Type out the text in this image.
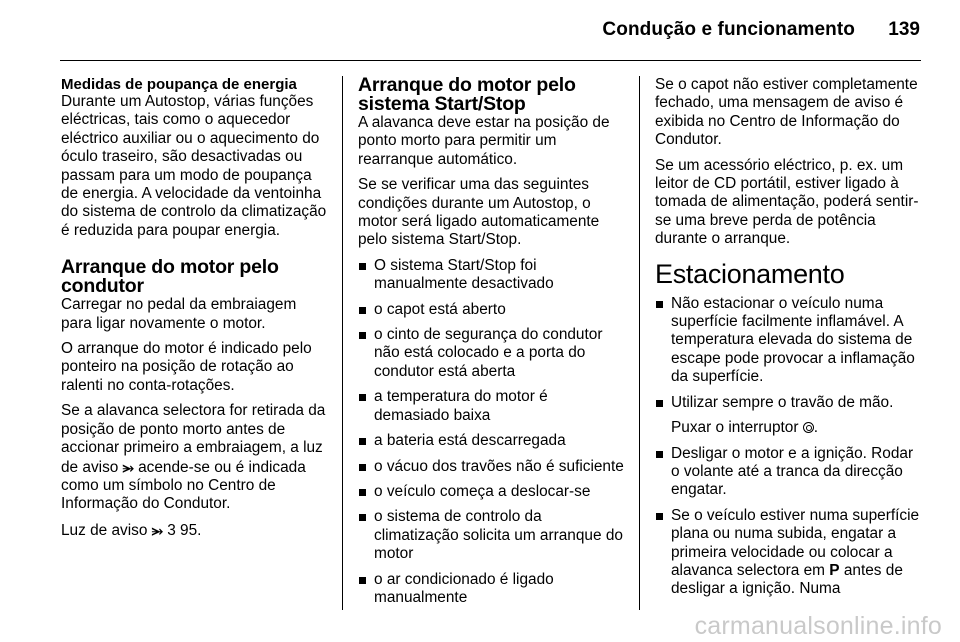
Condução e funcionamento 139
Medidas de poupança de energia

Durante um Autostop, várias funções eléctricas, tais como o aquecedor eléctrico auxiliar ou o aquecimento do óculo traseiro, são desactivadas ou passam para um modo de poupança de energia. A velocidade da ventoinha do sistema de controlo da climatização é reduzida para poupar energia.

Arranque do motor pelo condutor

Carregar no pedal da embraiagem para ligar novamente o motor.

O arranque do motor é indicado pelo ponteiro na posição de rotação ao ralenti no conta-rotações.

Se a alavanca selectora for retirada da posição de ponto morto antes de accionar primeiro a embraiagem, a luz de aviso ⭃ acende-se ou é indicada como um símbolo no Centro de Informação do Condutor.

Luz de aviso ⭃ 3 95.

Arranque do motor pelo sistema Start/Stop

A alavanca deve estar na posição de ponto morto para permitir um rearranque automático.

Se se verificar uma das seguintes condições durante um Autostop, o motor será ligado automaticamente pelo sistema Start/Stop.

O sistema Start/Stop foi manualmente desactivado
o capot está aberto
o cinto de segurança do condutor não está colocado e a porta do condutor está aberta
a temperatura do motor é demasiado baixa
a bateria está descarregada
o vácuo dos travões não é suficiente
o veículo começa a deslocar-se
o sistema de controlo da climatização solicita um arranque do motor
o ar condicionado é ligado manualmente

Se o capot não estiver completamente fechado, uma mensagem de aviso é exibida no Centro de Informação do Condutor.

Se um acessório eléctrico, p. ex. um leitor de CD portátil, estiver ligado à tomada de alimentação, poderá sentir-se uma breve perda de potência durante o arranque.

Estacionamento
Não estacionar o veículo numa superfície facilmente inflamável. A temperatura elevada do sistema de escape pode provocar a inflamação da superfície.
Utilizar sempre o travão de mão.
Puxar o interruptor .
Desligar o motor e a ignição. Rodar o volante até a tranca da direcção engatar.
Se o veículo estiver numa superfície plana ou numa subida, engatar a primeira velocidade ou colocar a alavanca selectora em P antes de desligar a ignição. Numa
carmanualsonline.info
